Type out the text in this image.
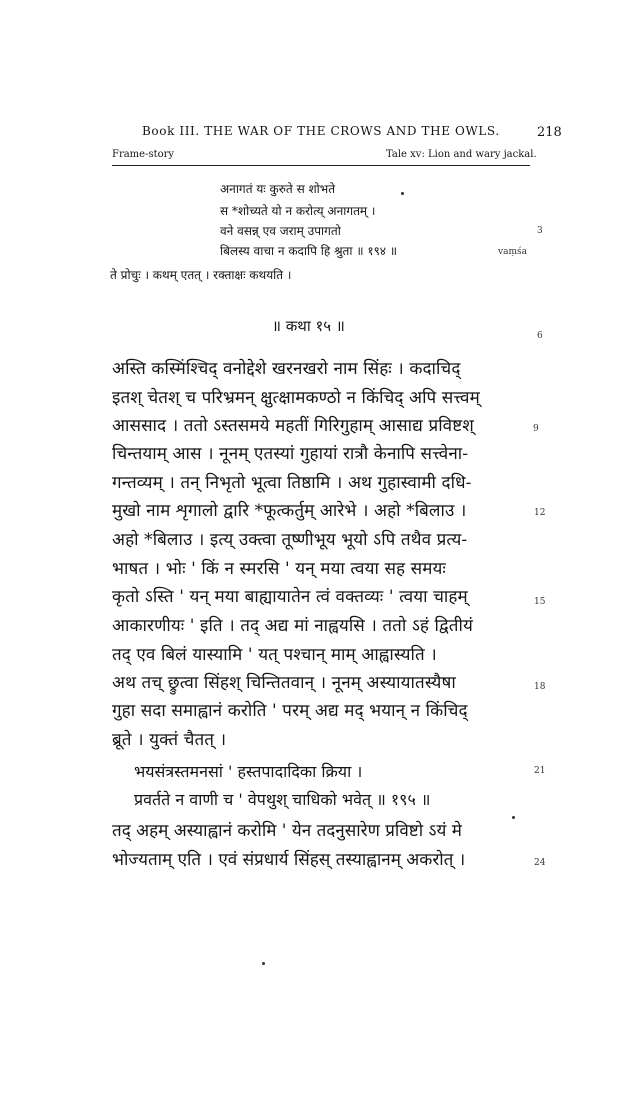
Book III. THE WAR OF THE CROWS AND THE OWLS.	218
Frame-story	Tale xv: Lion and wary jackal.
अनागतं यः कुरुते स शोभते
स *शोच्यते यो न करोत्य् अनागतम् ।
वने वसन्न् एव जराम् उपागतो
बिलस्य वाचा न कदापि हि श्रुता ॥ १९४ ॥	vaṃśa
ते प्रोचुः । कथम् एतत् । रक्ताक्षः कथयति ।
3
6
9
12
15
18
21
24
॥ कथा १५ ॥
अस्ति कस्मिंश्चिद् वनोद्देशे खरनखरो नाम सिंहः । कदाचिद्
इतश् चेतश् च परिभ्रमन् क्षुत्क्षामकण्ठो न किंचिद् अपि सत्त्वम्
आससाद । ततो ऽस्तसमये महतीं गिरिगुहाम् आसाद्य प्रविष्टश्
चिन्तयाम् आस । नूनम् एतस्यां गुहायां रात्रौ केनापि सत्त्वेना-
गन्तव्यम् । तन् निभृतो भूत्वा तिष्ठामि । अथ गुहास्वामी दधि-
मुखो नाम शृगालो द्वारि *फूत्कर्तुम् आरेभे । अहो *बिलाउ ।
अहो *बिलाउ । इत्य् उक्त्वा तूष्णीभूय भूयो ऽपि तथैव प्रत्य-
भाषत । भोः ' किं न स्मरसि ' यन् मया त्वया सह समयः
कृतो ऽस्ति ' यन् मया बाह्यायातेन त्वं वक्तव्यः ' त्वया चाहम्
आकारणीयः ' इति । तद् अद्य मां नाह्वयसि । ततो ऽहं द्वितीयं
तद् एव बिलं यास्यामि ' यत् पश्चान् माम् आह्वास्यति ।
अथ तच् छ्रुत्वा सिंहश् चिन्तितवान् । नूनम् अस्यायातस्यैषा
गुहा सदा समाह्वानं करोति ' परम् अद्य मद् भयान् न किंचिद्
ब्रूते । युक्तं चैतत् ।
भयसंत्रस्तमनसां ' हस्तपादादिका क्रिया ।
प्रवर्तते न वाणी च ' वेपथुश् चाधिको भवेत् ॥ १९५ ॥
तद् अहम् अस्याह्वानं करोमि ' येन तदनुसारेण प्रविष्टो ऽयं मे
भोज्यताम् एति । एवं संप्रधार्य सिंहस् तस्याह्वानम् अकरोत् ।
